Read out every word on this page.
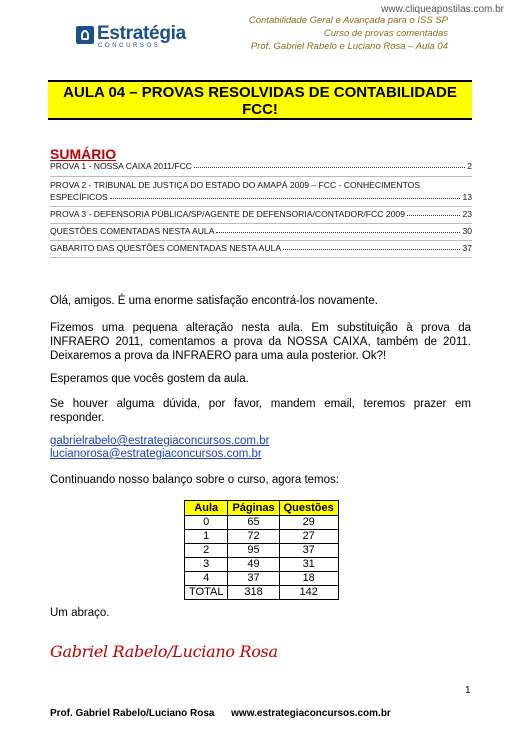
www.cliqueapostilas.com.br
Estratégia
CONCURSOS
Contabilidade Geral e Avançada para o ISS SP
Curso de provas comentadas
Prof. Gabriel Rabelo e Luciano Rosa – Aula 04
AULA 04 – PROVAS RESOLVIDAS DE CONTABILIDADE FCC!
SUMÁRIO
PROVA 1 - NOSSA CAIXA 2011/FCC	2
PROVA 2 - TRIBUNAL DE JUSTIÇA DO ESTADO DO AMAPÁ 2009 – FCC - CONHECIMENTOS
ESPECÍFICOS	13
PROVA 3 - DEFENSORIA PÚBLICA/SP/AGENTE DE DEFENSORIA/CONTADOR/FCC 2009	23
QUESTÕES COMENTADAS NESTA AULA	30
GABARITO DAS QUESTÕES COMENTADAS NESTA AULA	37
Olá, amigos. É uma enorme satisfação encontrá-los novamente.
Fizemos uma pequena alteração nesta aula. Em substituição à prova da INFRAERO 2011, comentamos a prova da NOSSA CAIXA, também de 2011. Deixaremos a prova da INFRAERO para uma aula posterior. Ok?!
Esperamos que vocês gostem da aula.
Se houver alguma dúvida, por favor, mandem email, teremos prazer em responder.
gabrielrabelo@estrategiaconcursos.com.br
lucianorosa@estrategiaconcursos.com.br
Continuando nosso balanço sobre o curso, agora temos:
Aula	Páginas	Questões
0	65	29
1	72	27
2	95	37
3	49	31
4	37	18
TOTAL	318	142
Um abraço.
Gabriel Rabelo/Luciano Rosa
1
Prof. Gabriel Rabelo/Luciano Rosa      www.estrategiaconcursos.com.br
